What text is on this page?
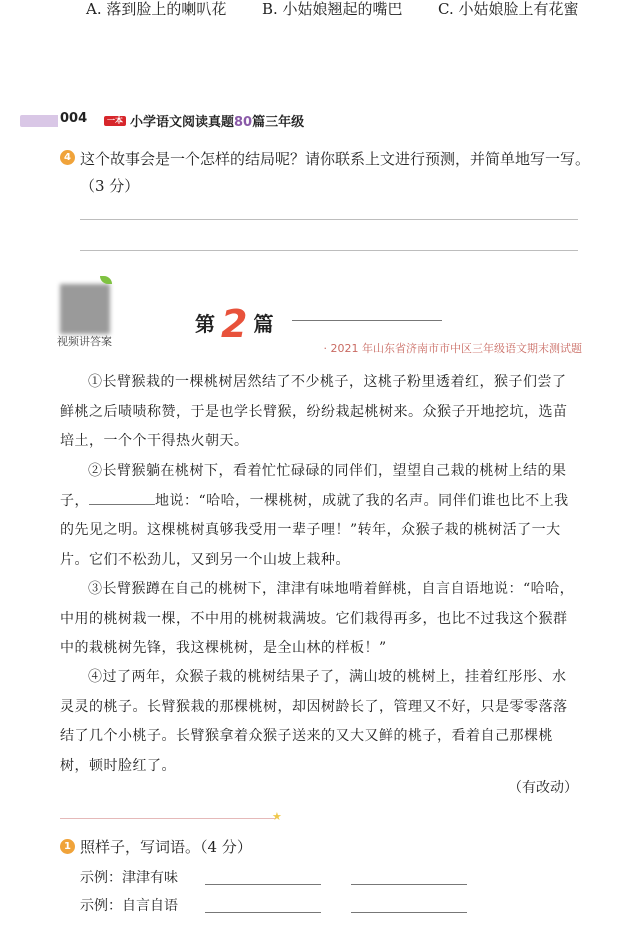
A. 落到脸上的喇叭花 B. 小姑娘翘起的嘴巴 C. 小姑娘脸上有花蜜
004	一本 小学语文阅读真题80篇三年级
4 这个故事会是一个怎样的结局呢？请你联系上文进行预测，并简单地写一写。（3 分）
视频讲答案
第 2 篇
· 2021 年山东省济南市市中区三年级语文期末测试题
①长臂猴栽的一棵桃树居然结了不少桃子，这桃子粉里透着红，猴子们尝了鲜桃之后啧啧称赞，于是也学长臂猴，纷纷栽起桃树来。众猴子开地挖坑，选苗培土，一个个干得热火朝天。
②长臂猴躺在桃树下，看着忙忙碌碌的同伴们，望望自己栽的桃树上结的果子，	地说：“哈哈，一棵桃树，成就了我的名声。同伴们谁也比不上我的先见之明。这棵桃树真够我受用一辈子哩！”转年，众猴子栽的桃树活了一大片。它们不松劲儿，又到另一个山坡上栽种。
③长臂猴蹲在自己的桃树下，津津有味地啃着鲜桃，自言自语地说：“哈哈，中用的桃树栽一棵，不中用的桃树栽满坡。它们栽得再多，也比不过我这个猴群中的栽桃树先锋，我这棵桃树，是全山林的样板！”
④过了两年，众猴子栽的桃树结果子了，满山坡的桃树上，挂着红彤彤、水灵灵的桃子。长臂猴栽的那棵桃树，却因树龄长了，管理又不好，只是零零落落结了几个小桃子。长臂猴拿着众猴子送来的又大又鲜的桃子，看着自己那棵桃树，顿时脸红了。
（有改动）
★
1 照样子，写词语。（4 分）
示例：津津有味
示例：自言自语
